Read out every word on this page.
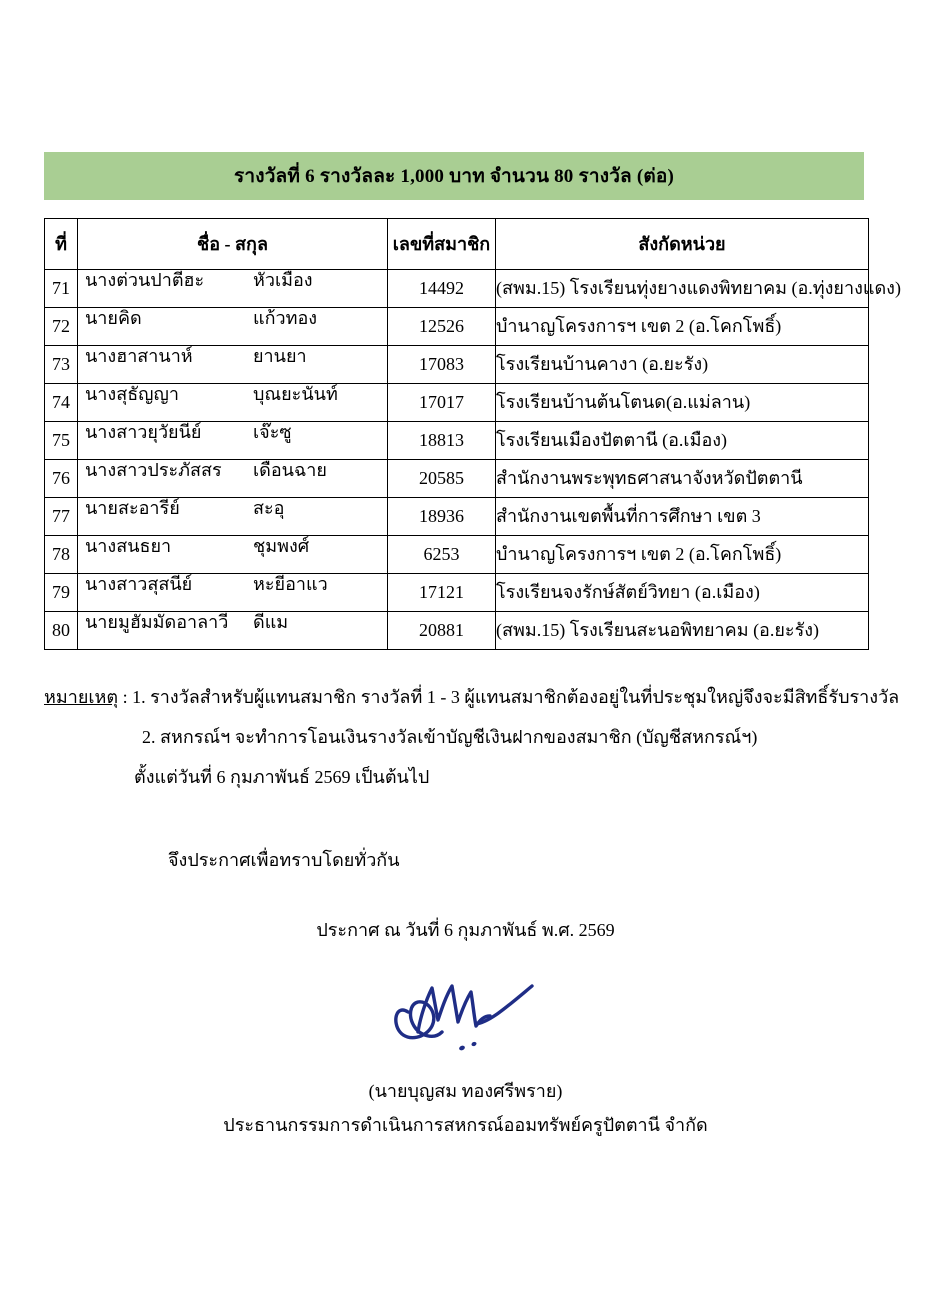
รางวัลที่ 6 รางวัลละ 1,000 บาท จำนวน 80 รางวัล (ต่อ)
ที่	ชื่อ - สกุล	เลขที่สมาชิก	สังกัดหน่วย
71	นางต่วนปาตีฮะ หัวเมือง	14492	(สพม.15) โรงเรียนทุ่งยางแดงพิทยาคม (อ.ทุ่งยางแดง)
72	นายคิด แก้วทอง	12526	บำนาญโครงการฯ เขต 2 (อ.โคกโพธิ์)
73	นางฮาสานาห์ ยานยา	17083	โรงเรียนบ้านคางา (อ.ยะรัง)
74	นางสุธัญญา บุณยะนันท์	17017	โรงเรียนบ้านต้นโตนด(อ.แม่ลาน)
75	นางสาวยุวัยนีย์ เจ๊ะซู	18813	โรงเรียนเมืองปัตตานี (อ.เมือง)
76	นางสาวประภัสสร เดือนฉาย	20585	สำนักงานพระพุทธศาสนาจังหวัดปัตตานี
77	นายสะอารีย์ สะอุ	18936	สำนักงานเขตพื้นที่การศึกษา เขต 3
78	นางสนธยา ชุมพงศ์	6253	บำนาญโครงการฯ เขต 2 (อ.โคกโพธิ์)
79	นางสาวสุสนีย์ หะยีอาแว	17121	โรงเรียนจงรักษ์สัตย์วิทยา (อ.เมือง)
80	นายมูฮัมมัดอาลาวี ดีแม	20881	(สพม.15) โรงเรียนสะนอพิทยาคม (อ.ยะรัง)
หมายเหตุ : 1. รางวัลสำหรับผู้แทนสมาชิก รางวัลที่ 1 - 3 ผู้แทนสมาชิกต้องอยู่ในที่ประชุมใหญ่จึงจะมีสิทธิ์รับรางวัล
2. สหกรณ์ฯ จะทำการโอนเงินรางวัลเข้าบัญชีเงินฝากของสมาชิก (บัญชีสหกรณ์ฯ)
ตั้งแต่วันที่ 6 กุมภาพันธ์ 2569 เป็นต้นไป
จึงประกาศเพื่อทราบโดยทั่วกัน
ประกาศ ณ วันที่ 6 กุมภาพันธ์ พ.ศ. 2569
(นายบุญสม ทองศรีพราย)
ประธานกรรมการดำเนินการสหกรณ์ออมทรัพย์ครูปัตตานี จำกัด
